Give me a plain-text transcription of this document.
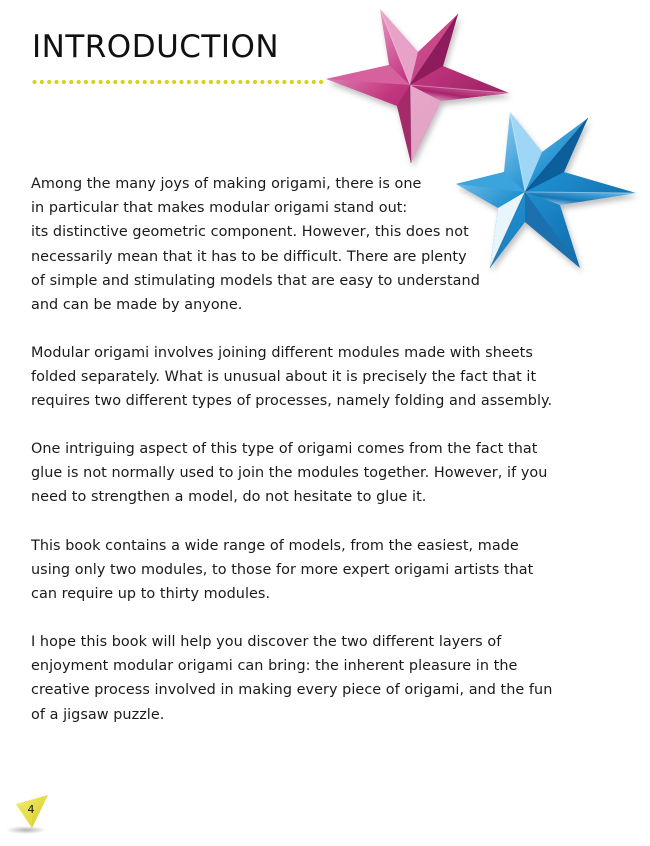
INTRODUCTION

Among the many joys of making origami, there is one
in particular that makes modular origami stand out:
its distinctive geometric component. However, this does not
necessarily mean that it has to be difficult. There are plenty
of simple and stimulating models that are easy to understand
and can be made by anyone.

Modular origami involves joining different modules made with sheets
folded separately. What is unusual about it is precisely the fact that it
requires two different types of processes, namely folding and assembly.

One intriguing aspect of this type of origami comes from the fact that
glue is not normally used to join the modules together. However, if you
need to strengthen a model, do not hesitate to glue it.

This book contains a wide range of models, from the easiest, made
using only two modules, to those for more expert origami artists that
can require up to thirty modules.

I hope this book will help you discover the two different layers of
enjoyment modular origami can bring: the inherent pleasure in the
creative process involved in making every piece of origami, and the fun
of a jigsaw puzzle.

4
